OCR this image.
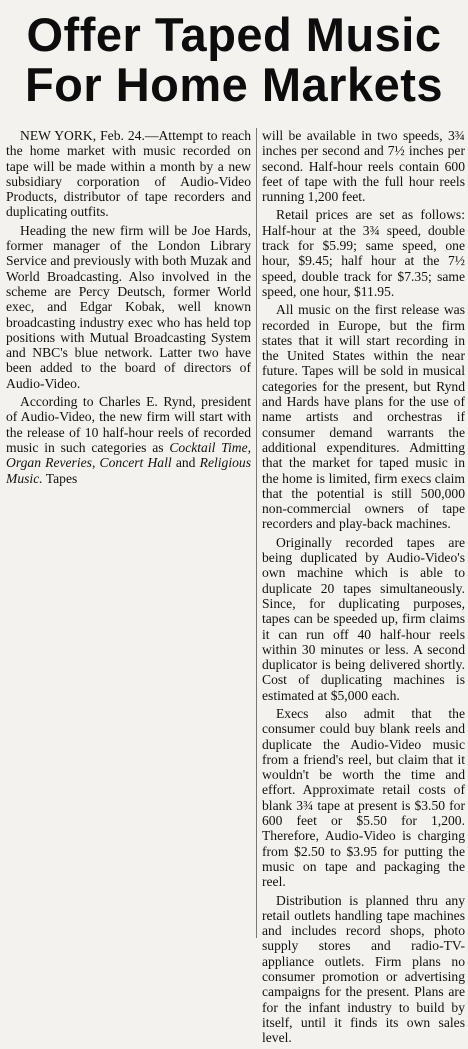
Offer Taped Music
For Home Markets

NEW YORK, Feb. 24.—Attempt to reach the home market with music recorded on tape will be made within a month by a new subsidiary corporation of Audio-Video Products, distributor of tape recorders and duplicating outfits.

Heading the new firm will be Joe Hards, former manager of the London Library Service and previously with both Muzak and World Broadcasting. Also involved in the scheme are Percy Deutsch, former World exec, and Edgar Kobak, well known broadcasting industry exec who has held top positions with Mutual Broadcasting System and NBC's blue network. Latter two have been added to the board of directors of Audio-Video.

According to Charles E. Rynd, president of Audio-Video, the new firm will start with the release of 10 half-hour reels of recorded music in such categories as Cocktail Time, Organ Reveries, Concert Hall and Religious Music. Tapes

will be available in two speeds, 3¾ inches per second and 7½ inches per second. Half-hour reels contain 600 feet of tape with the full hour reels running 1,200 feet.

Retail prices are set as follows: Half-hour at the 3¾ speed, double track for $5.99; same speed, one hour, $9.45; half hour at the 7½ speed, double track for $7.35; same speed, one hour, $11.95.

All music on the first release was recorded in Europe, but the firm states that it will start recording in the United States within the near future. Tapes will be sold in musical categories for the present, but Rynd and Hards have plans for the use of name artists and orchestras if consumer demand warrants the additional expenditures. Admitting that the market for taped music in the home is limited, firm execs claim that the potential is still 500,000 non-commercial owners of tape recorders and play-back machines.

Originally recorded tapes are being duplicated by Audio-Video's own machine which is able to duplicate 20 tapes simultaneously. Since, for duplicating purposes, tapes can be speeded up, firm claims it can run off 40 half-hour reels within 30 minutes or less. A second duplicator is being delivered shortly. Cost of duplicating machines is estimated at $5,000 each.

Execs also admit that the consumer could buy blank reels and duplicate the Audio-Video music from a friend's reel, but claim that it wouldn't be worth the time and effort. Approximate retail costs of blank 3¾ tape at present is $3.50 for 600 feet or $5.50 for 1,200. Therefore, Audio-Video is charging from $2.50 to $3.95 for putting the music on tape and packaging the reel.

Distribution is planned thru any retail outlets handling tape machines and includes record shops, photo supply stores and radio-TV-appliance outlets. Firm plans no consumer promotion or advertising campaigns for the present. Plans are for the infant industry to build by itself, until it finds its own sales level.
